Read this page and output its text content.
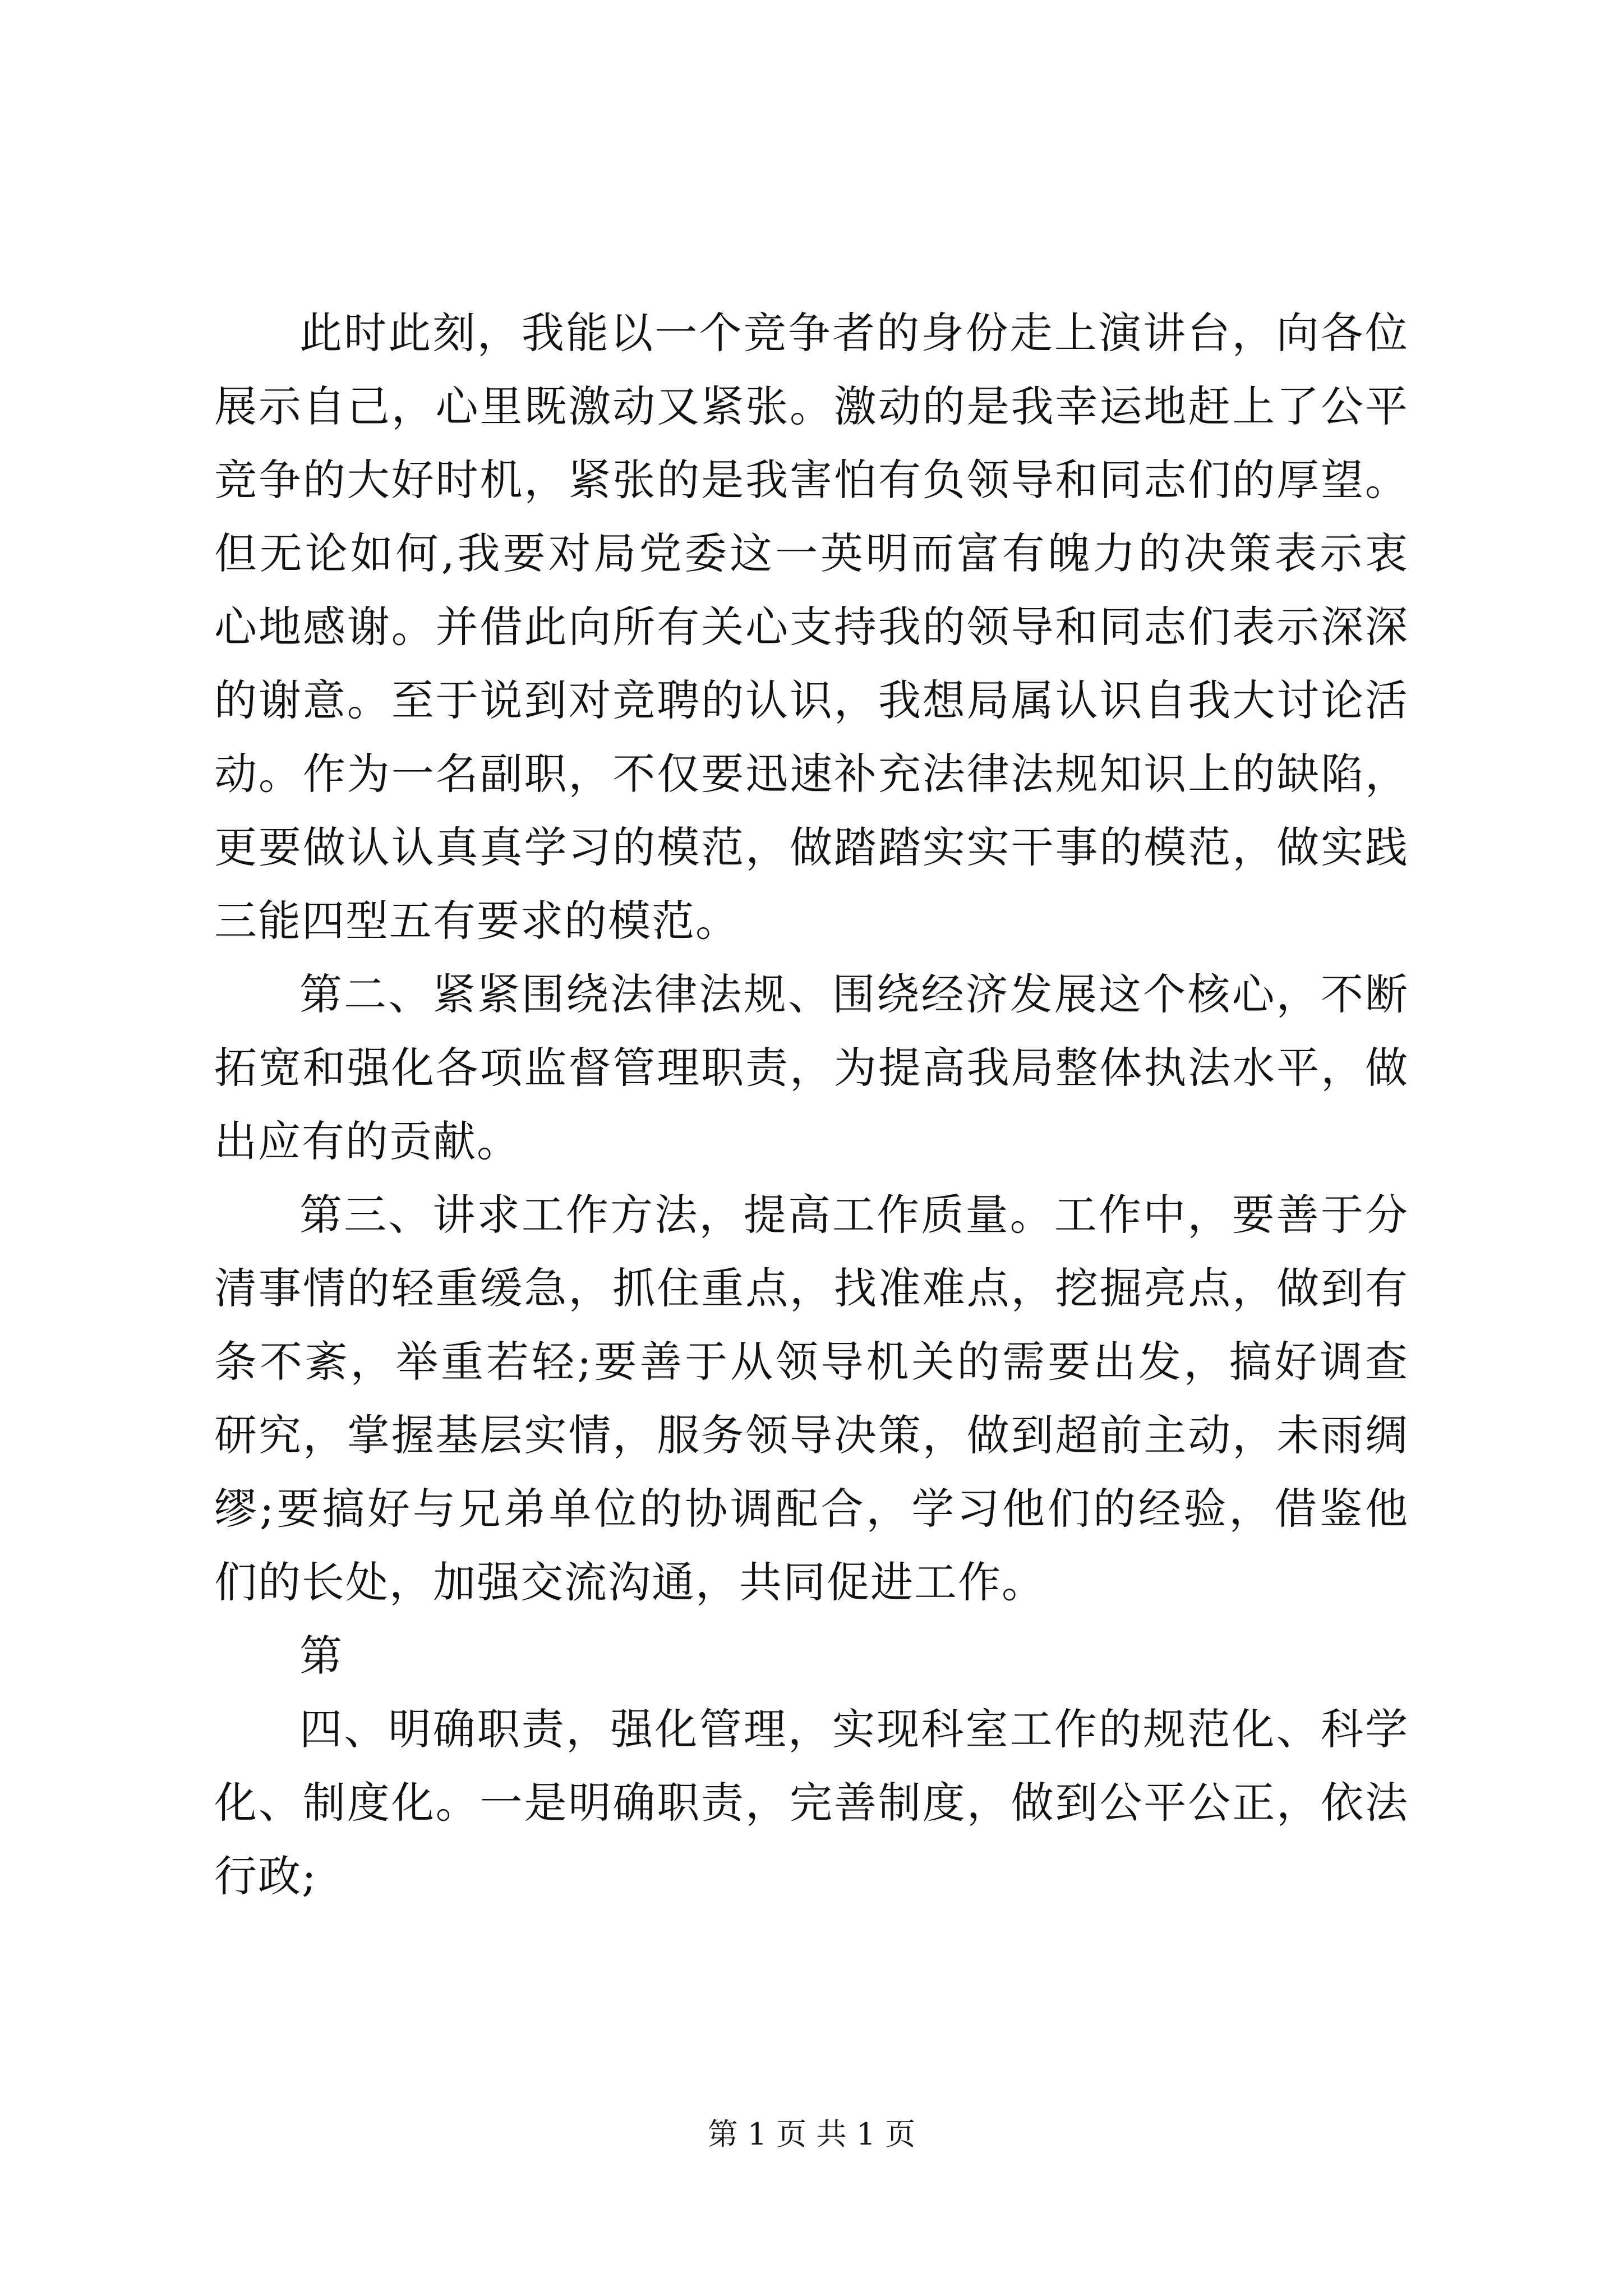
此时此刻，我能以一个竞争者的身份走上演讲台，向各位展示自己，心里既激动又紧张。激动的是我幸运地赶上了公平竞争的大好时机，紧张的是我害怕有负领导和同志们的厚望。但无论如何,我要对局党委这一英明而富有魄力的决策表示衷心地感谢。并借此向所有关心支持我的领导和同志们表示深深的谢意。至于说到对竞聘的认识，我想局属认识自我大讨论活动。作为一名副职，不仅要迅速补充法律法规知识上的缺陷，更要做认认真真学习的模范，做踏踏实实干事的模范，做实践三能四型五有要求的模范。

第二、紧紧围绕法律法规、围绕经济发展这个核心，不断拓宽和强化各项监督管理职责，为提高我局整体执法水平，做出应有的贡献。

第三、讲求工作方法，提高工作质量。工作中，要善于分清事情的轻重缓急，抓住重点，找准难点，挖掘亮点，做到有条不紊，举重若轻;要善于从领导机关的需要出发，搞好调查研究，掌握基层实情，服务领导决策，做到超前主动，未雨绸缪;要搞好与兄弟单位的协调配合，学习他们的经验，借鉴他们的长处，加强交流沟通，共同促进工作。

第

四、明确职责，强化管理，实现科室工作的规范化、科学化、制度化。一是明确职责，完善制度，做到公平公正，依法行政;

第 1 页 共 1 页
